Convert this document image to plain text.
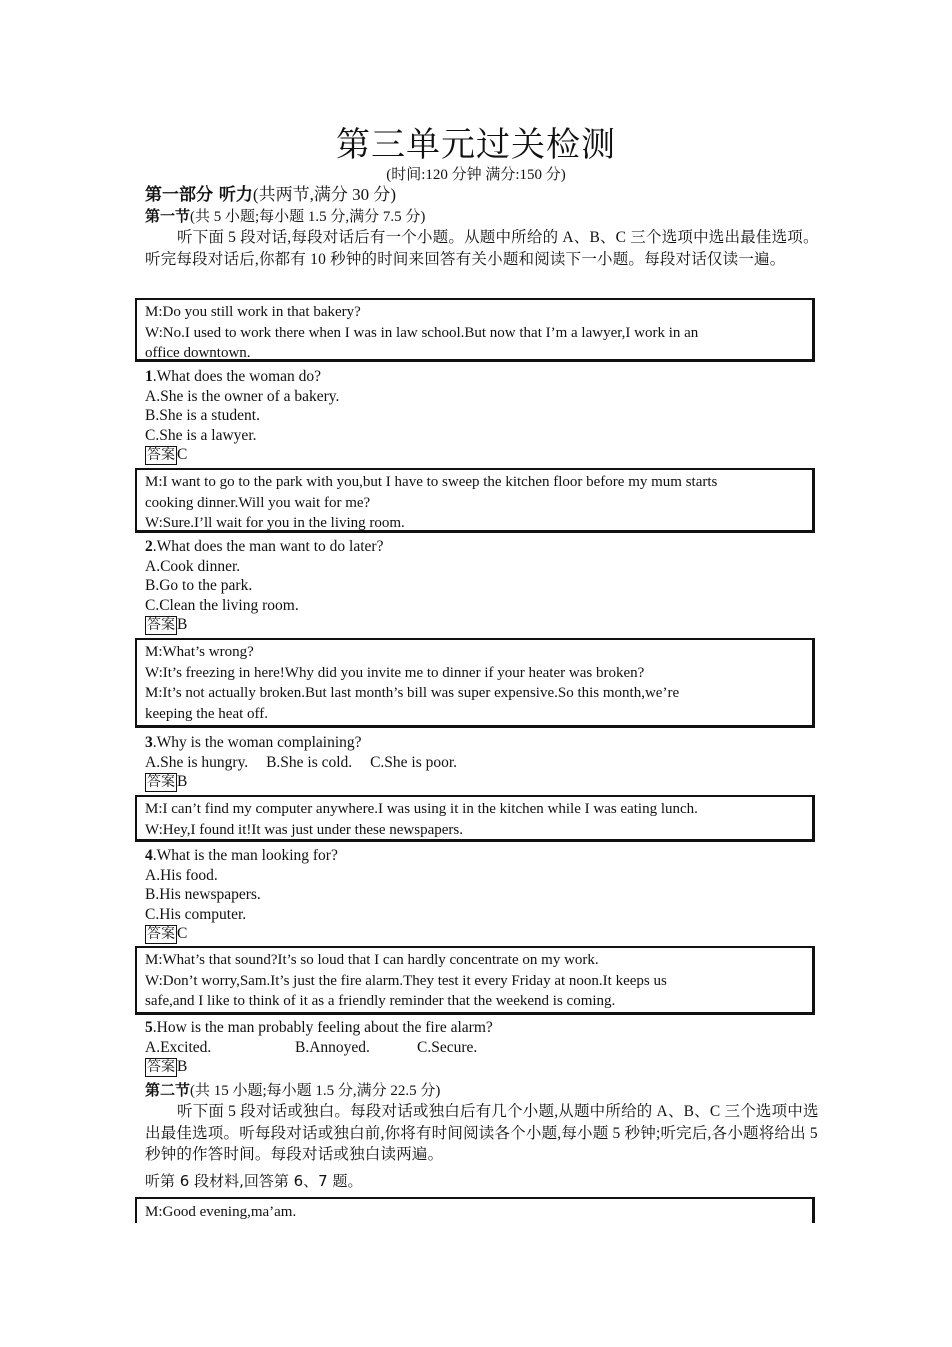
第三单元过关检测
(时间:120 分钟 满分:150 分)
第一部分 听力(共两节,满分 30 分)
第一节(共 5 小题;每小题 1.5 分,满分 7.5 分)
听下面 5 段对话,每段对话后有一个小题。从题中所给的 A、B、C 三个选项中选出最佳选项。听完每段对话后,你都有 10 秒钟的时间来回答有关小题和阅读下一小题。每段对话仅读一遍。
M:Do you still work in that bakery?
W:No.I used to work there when I was in law school.But now that I’m a lawyer,I work in an
office downtown.
1.What does the woman do?
A.She is the owner of a bakery.
B.She is a student.
C.She is a lawyer.
答案 C
M:I want to go to the park with you,but I have to sweep the kitchen floor before my mum starts
cooking dinner.Will you wait for me?
W:Sure.I’ll wait for you in the living room.
2.What does the man want to do later?
A.Cook dinner.
B.Go to the park.
C.Clean the living room.
答案 B
M:What’s wrong?
W:It’s freezing in here!Why did you invite me to dinner if your heater was broken?
M:It’s not actually broken.But last month’s bill was super expensive.So this month,we’re
keeping the heat off.
3.Why is the woman complaining?
A.She is hungry. B.She is cold. C.She is poor.
答案 B
M:I can’t find my computer anywhere.I was using it in the kitchen while I was eating lunch.
W:Hey,I found it!It was just under these newspapers.
4.What is the man looking for?
A.His food.
B.His newspapers.
C.His computer.
答案 C
M:What’s that sound?It’s so loud that I can hardly concentrate on my work.
W:Don’t worry,Sam.It’s just the fire alarm.They test it every Friday at noon.It keeps us
safe,and I like to think of it as a friendly reminder that the weekend is coming.
5.How is the man probably feeling about the fire alarm?
A.Excited.	B.Annoyed.	C.Secure.
答案 B
第二节(共 15 小题;每小题 1.5 分,满分 22.5 分)
听下面 5 段对话或独白。每段对话或独白后有几个小题,从题中所给的 A、B、C 三个选项中选出最佳选项。听每段对话或独白前,你将有时间阅读各个小题,每小题 5 秒钟;听完后,各小题将给出 5 秒钟的作答时间。每段对话或独白读两遍。
听第 6 段材料,回答第 6、7 题。
M:Good evening,ma’am.
